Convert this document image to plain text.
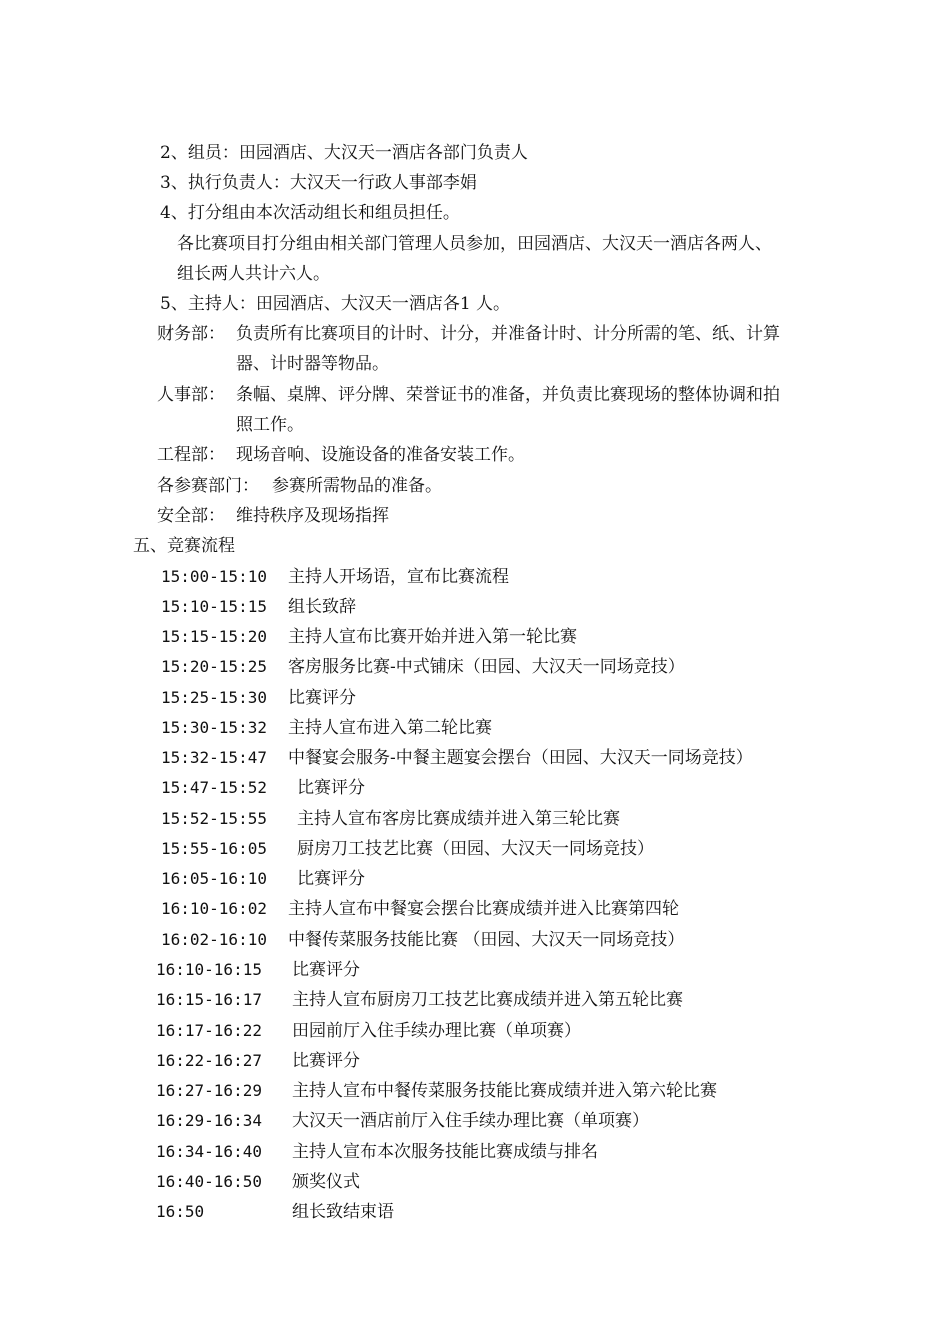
2、组员：田园酒店、大汉天一酒店各部门负责人
3、执行负责人：大汉天一行政人事部李娟
4、打分组由本次活动组长和组员担任。
各比赛项目打分组由相关部门管理人员参加，田园酒店、大汉天一酒店各两人、
组长两人共计六人。
5、主持人：田园酒店、大汉天一酒店各1 人。
财务部： 负责所有比赛项目的计时、计分，并准备计时、计分所需的笔、纸、计算
器、计时器等物品。
人事部： 条幅、桌牌、评分牌、荣誉证书的准备，并负责比赛现场的整体协调和拍
照工作。
工程部： 现场音响、设施设备的准备安装工作。
各参赛部门： 参赛所需物品的准备。
安全部： 维持秩序及现场指挥
五、竞赛流程
15:00-15:10 主持人开场语，宣布比赛流程
15:10-15:15 组长致辞
15:15-15:20 主持人宣布比赛开始并进入第一轮比赛
15:20-15:25 客房服务比赛-中式铺床（田园、大汉天一同场竞技）
15:25-15:30 比赛评分
15:30-15:32 主持人宣布进入第二轮比赛
15:32-15:47 中餐宴会服务-中餐主题宴会摆台（田园、大汉天一同场竞技）
15:47-15:52 比赛评分
15:52-15:55 主持人宣布客房比赛成绩并进入第三轮比赛
15:55-16:05 厨房刀工技艺比赛（田园、大汉天一同场竞技）
16:05-16:10 比赛评分
16:10-16:02 主持人宣布中餐宴会摆台比赛成绩并进入比赛第四轮
16:02-16:10 中餐传菜服务技能比赛 （田园、大汉天一同场竞技）
16:10-16:15 比赛评分
16:15-16:17 主持人宣布厨房刀工技艺比赛成绩并进入第五轮比赛
16:17-16:22 田园前厅入住手续办理比赛（单项赛）
16:22-16:27 比赛评分
16:27-16:29 主持人宣布中餐传菜服务技能比赛成绩并进入第六轮比赛
16:29-16:34 大汉天一酒店前厅入住手续办理比赛（单项赛）
16:34-16:40 主持人宣布本次服务技能比赛成绩与排名
16:40-16:50 颁奖仪式
16:50	组长致结束语
